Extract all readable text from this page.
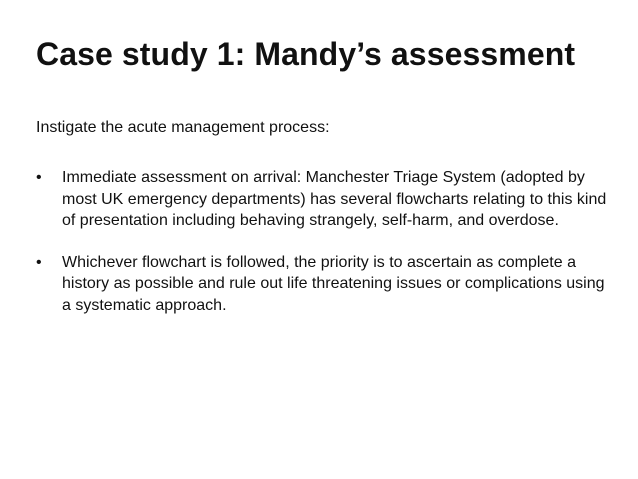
Case study 1: Mandy’s assessment

Instigate the acute management process:

•	Immediate assessment on arrival: Manchester Triage System (adopted by most UK emergency departments) has several flowcharts relating to this kind of presentation including behaving strangely, self-harm, and overdose.
•	Whichever flowchart is followed, the priority is to ascertain as complete a history as possible and rule out life threatening issues or complications using a systematic approach.
